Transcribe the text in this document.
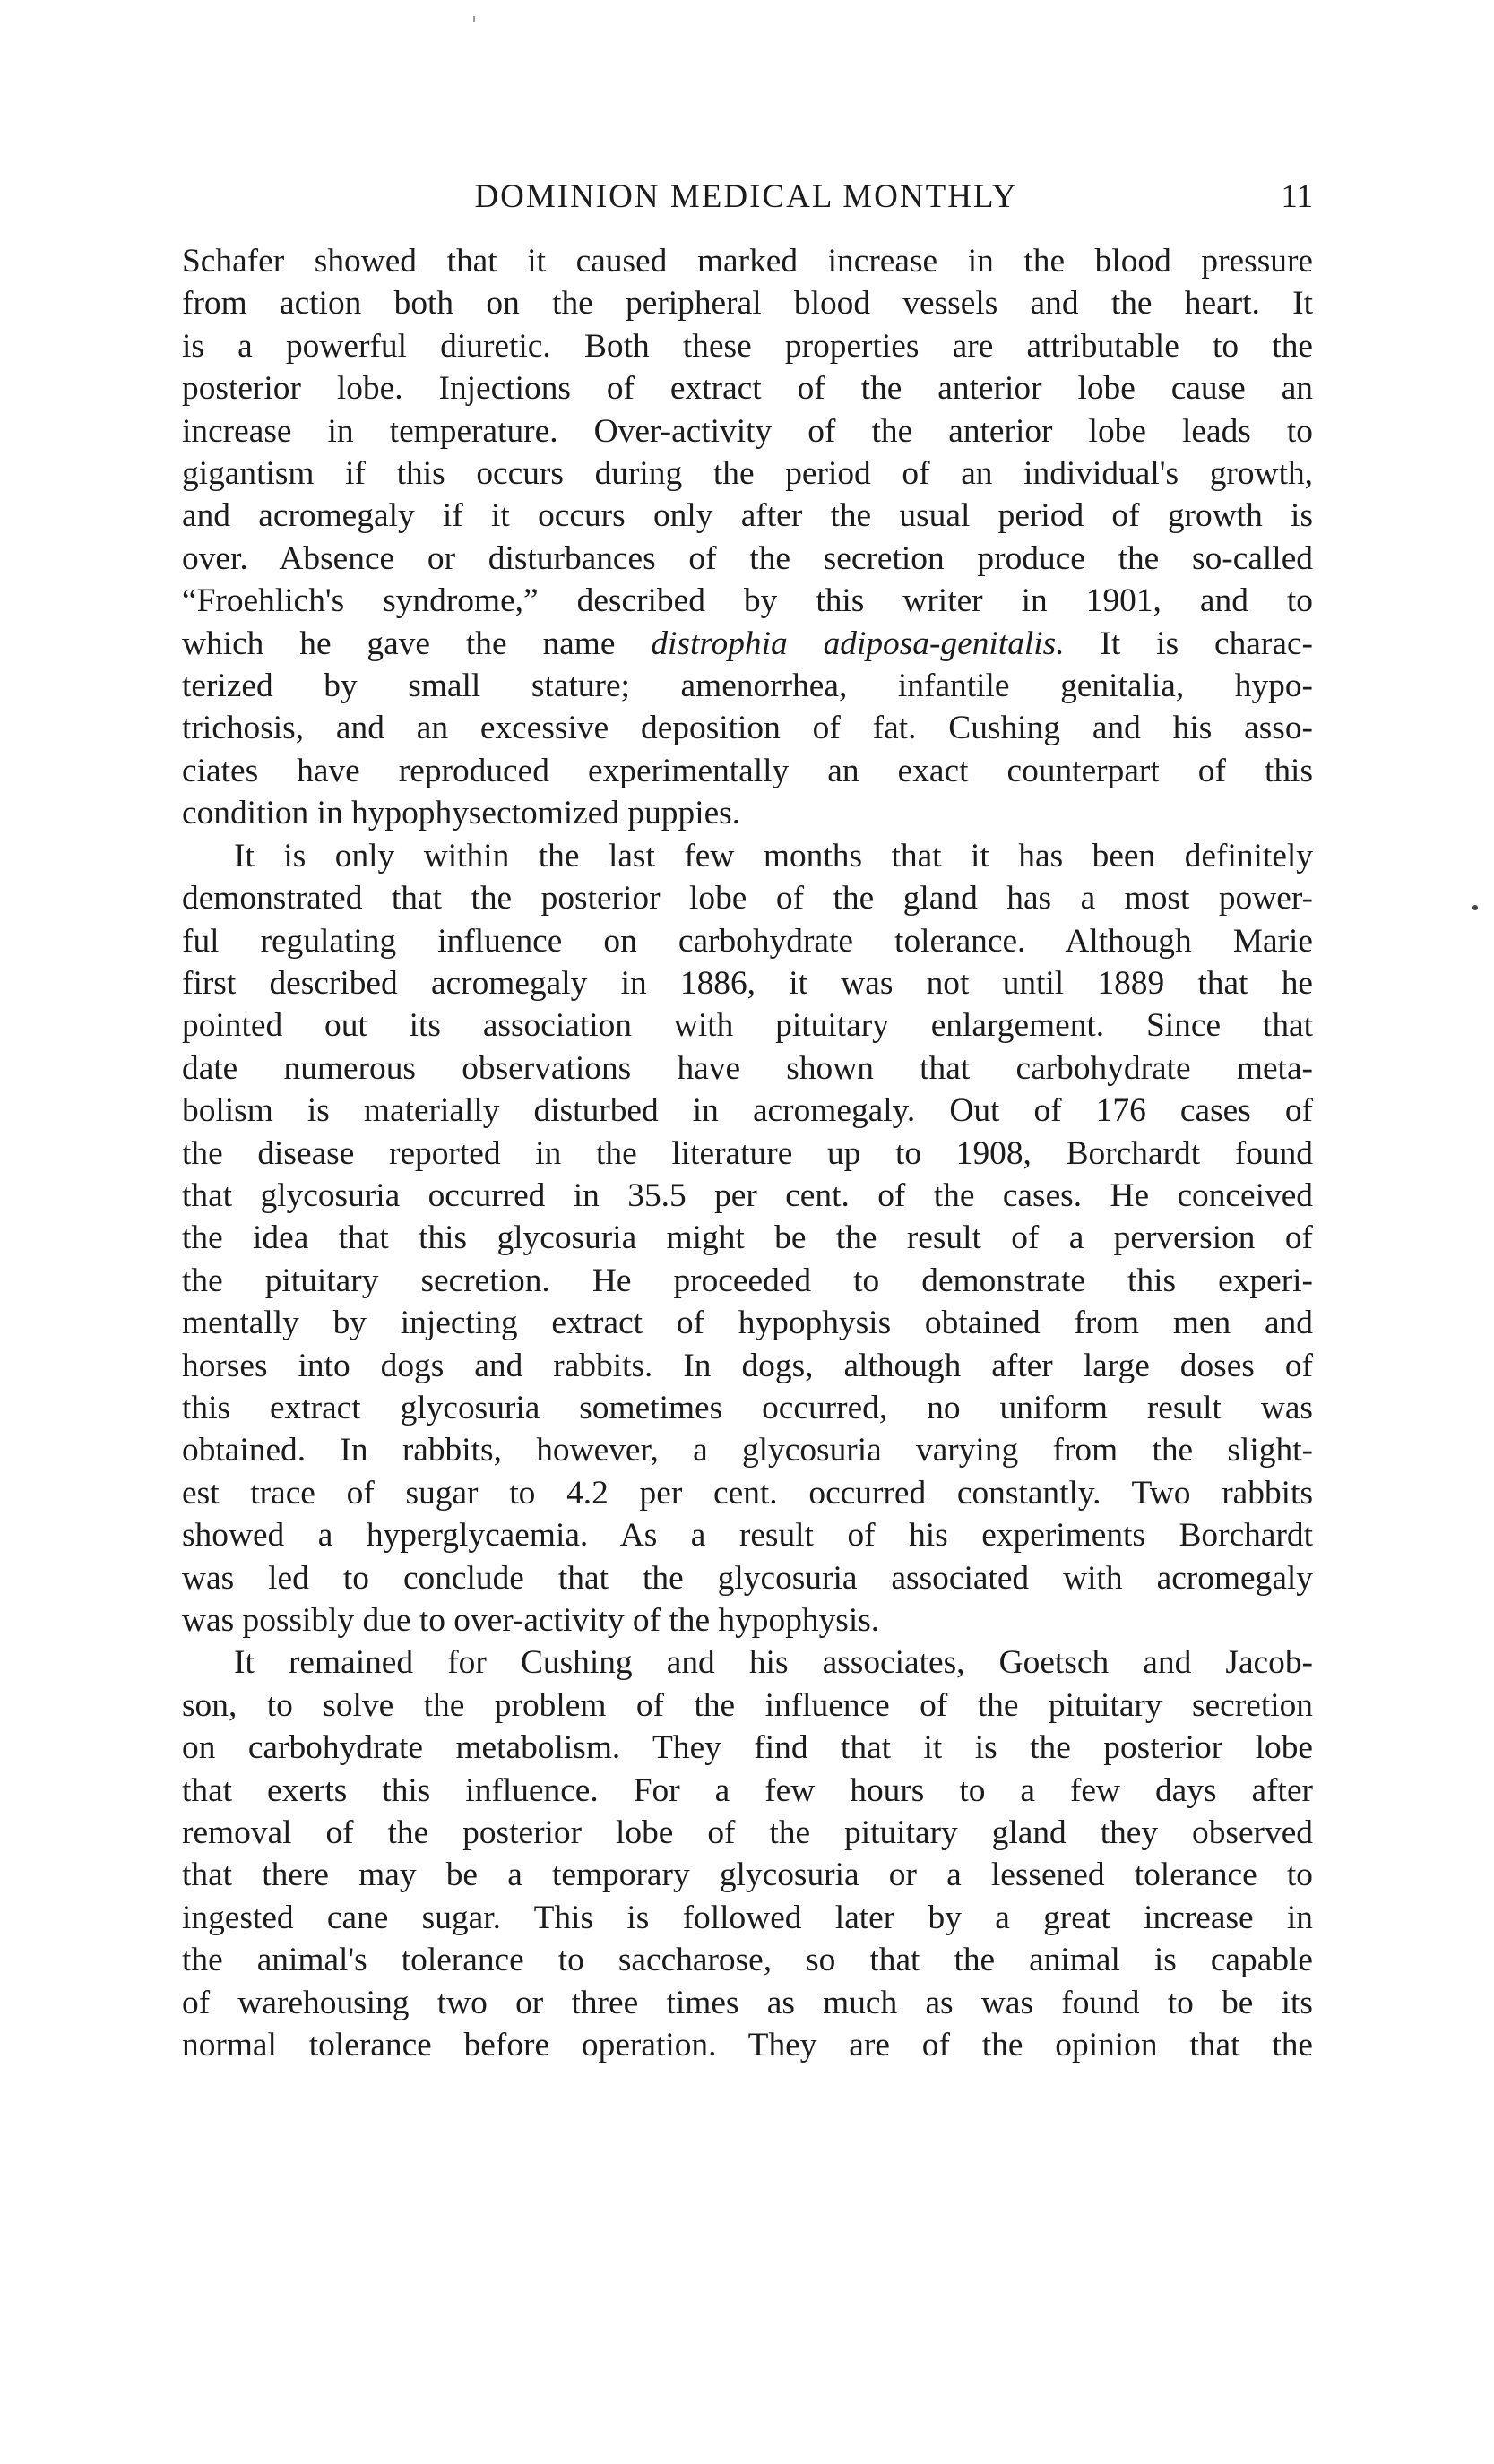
DOMINION MEDICAL MONTHLY	11

Schafer showed that it caused marked increase in the blood pressure
from action both on the peripheral blood vessels and the heart. It
is a powerful diuretic. Both these properties are attributable to the
posterior lobe. Injections of extract of the anterior lobe cause an
increase in temperature. Over-activity of the anterior lobe leads to
gigantism if this occurs during the period of an individual's growth,
and acromegaly if it occurs only after the usual period of growth is
over. Absence or disturbances of the secretion produce the so-called
“Froehlich's syndrome,” described by this writer in 1901, and to
which he gave the name distrophia adiposa-genitalis. It is charac-
terized by small stature; amenorrhea, infantile genitalia, hypo-
trichosis, and an excessive deposition of fat. Cushing and his asso-
ciates have reproduced experimentally an exact counterpart of this
condition in hypophysectomized puppies.

It is only within the last few months that it has been definitely
demonstrated that the posterior lobe of the gland has a most power-
ful regulating influence on carbohydrate tolerance. Although Marie
first described acromegaly in 1886, it was not until 1889 that he
pointed out its association with pituitary enlargement. Since that
date numerous observations have shown that carbohydrate meta-
bolism is materially disturbed in acromegaly. Out of 176 cases of
the disease reported in the literature up to 1908, Borchardt found
that glycosuria occurred in 35.5 per cent. of the cases. He conceived
the idea that this glycosuria might be the result of a perversion of
the pituitary secretion. He proceeded to demonstrate this experi-
mentally by injecting extract of hypophysis obtained from men and
horses into dogs and rabbits. In dogs, although after large doses of
this extract glycosuria sometimes occurred, no uniform result was
obtained. In rabbits, however, a glycosuria varying from the slight-
est trace of sugar to 4.2 per cent. occurred constantly. Two rabbits
showed a hyperglycaemia. As a result of his experiments Borchardt
was led to conclude that the glycosuria associated with acromegaly
was possibly due to over-activity of the hypophysis.

It remained for Cushing and his associates, Goetsch and Jacob-
son, to solve the problem of the influence of the pituitary secretion
on carbohydrate metabolism. They find that it is the posterior lobe
that exerts this influence. For a few hours to a few days after
removal of the posterior lobe of the pituitary gland they observed
that there may be a temporary glycosuria or a lessened tolerance to
ingested cane sugar. This is followed later by a great increase in
the animal's tolerance to saccharose, so that the animal is capable
of warehousing two or three times as much as was found to be its
normal tolerance before operation. They are of the opinion that the
